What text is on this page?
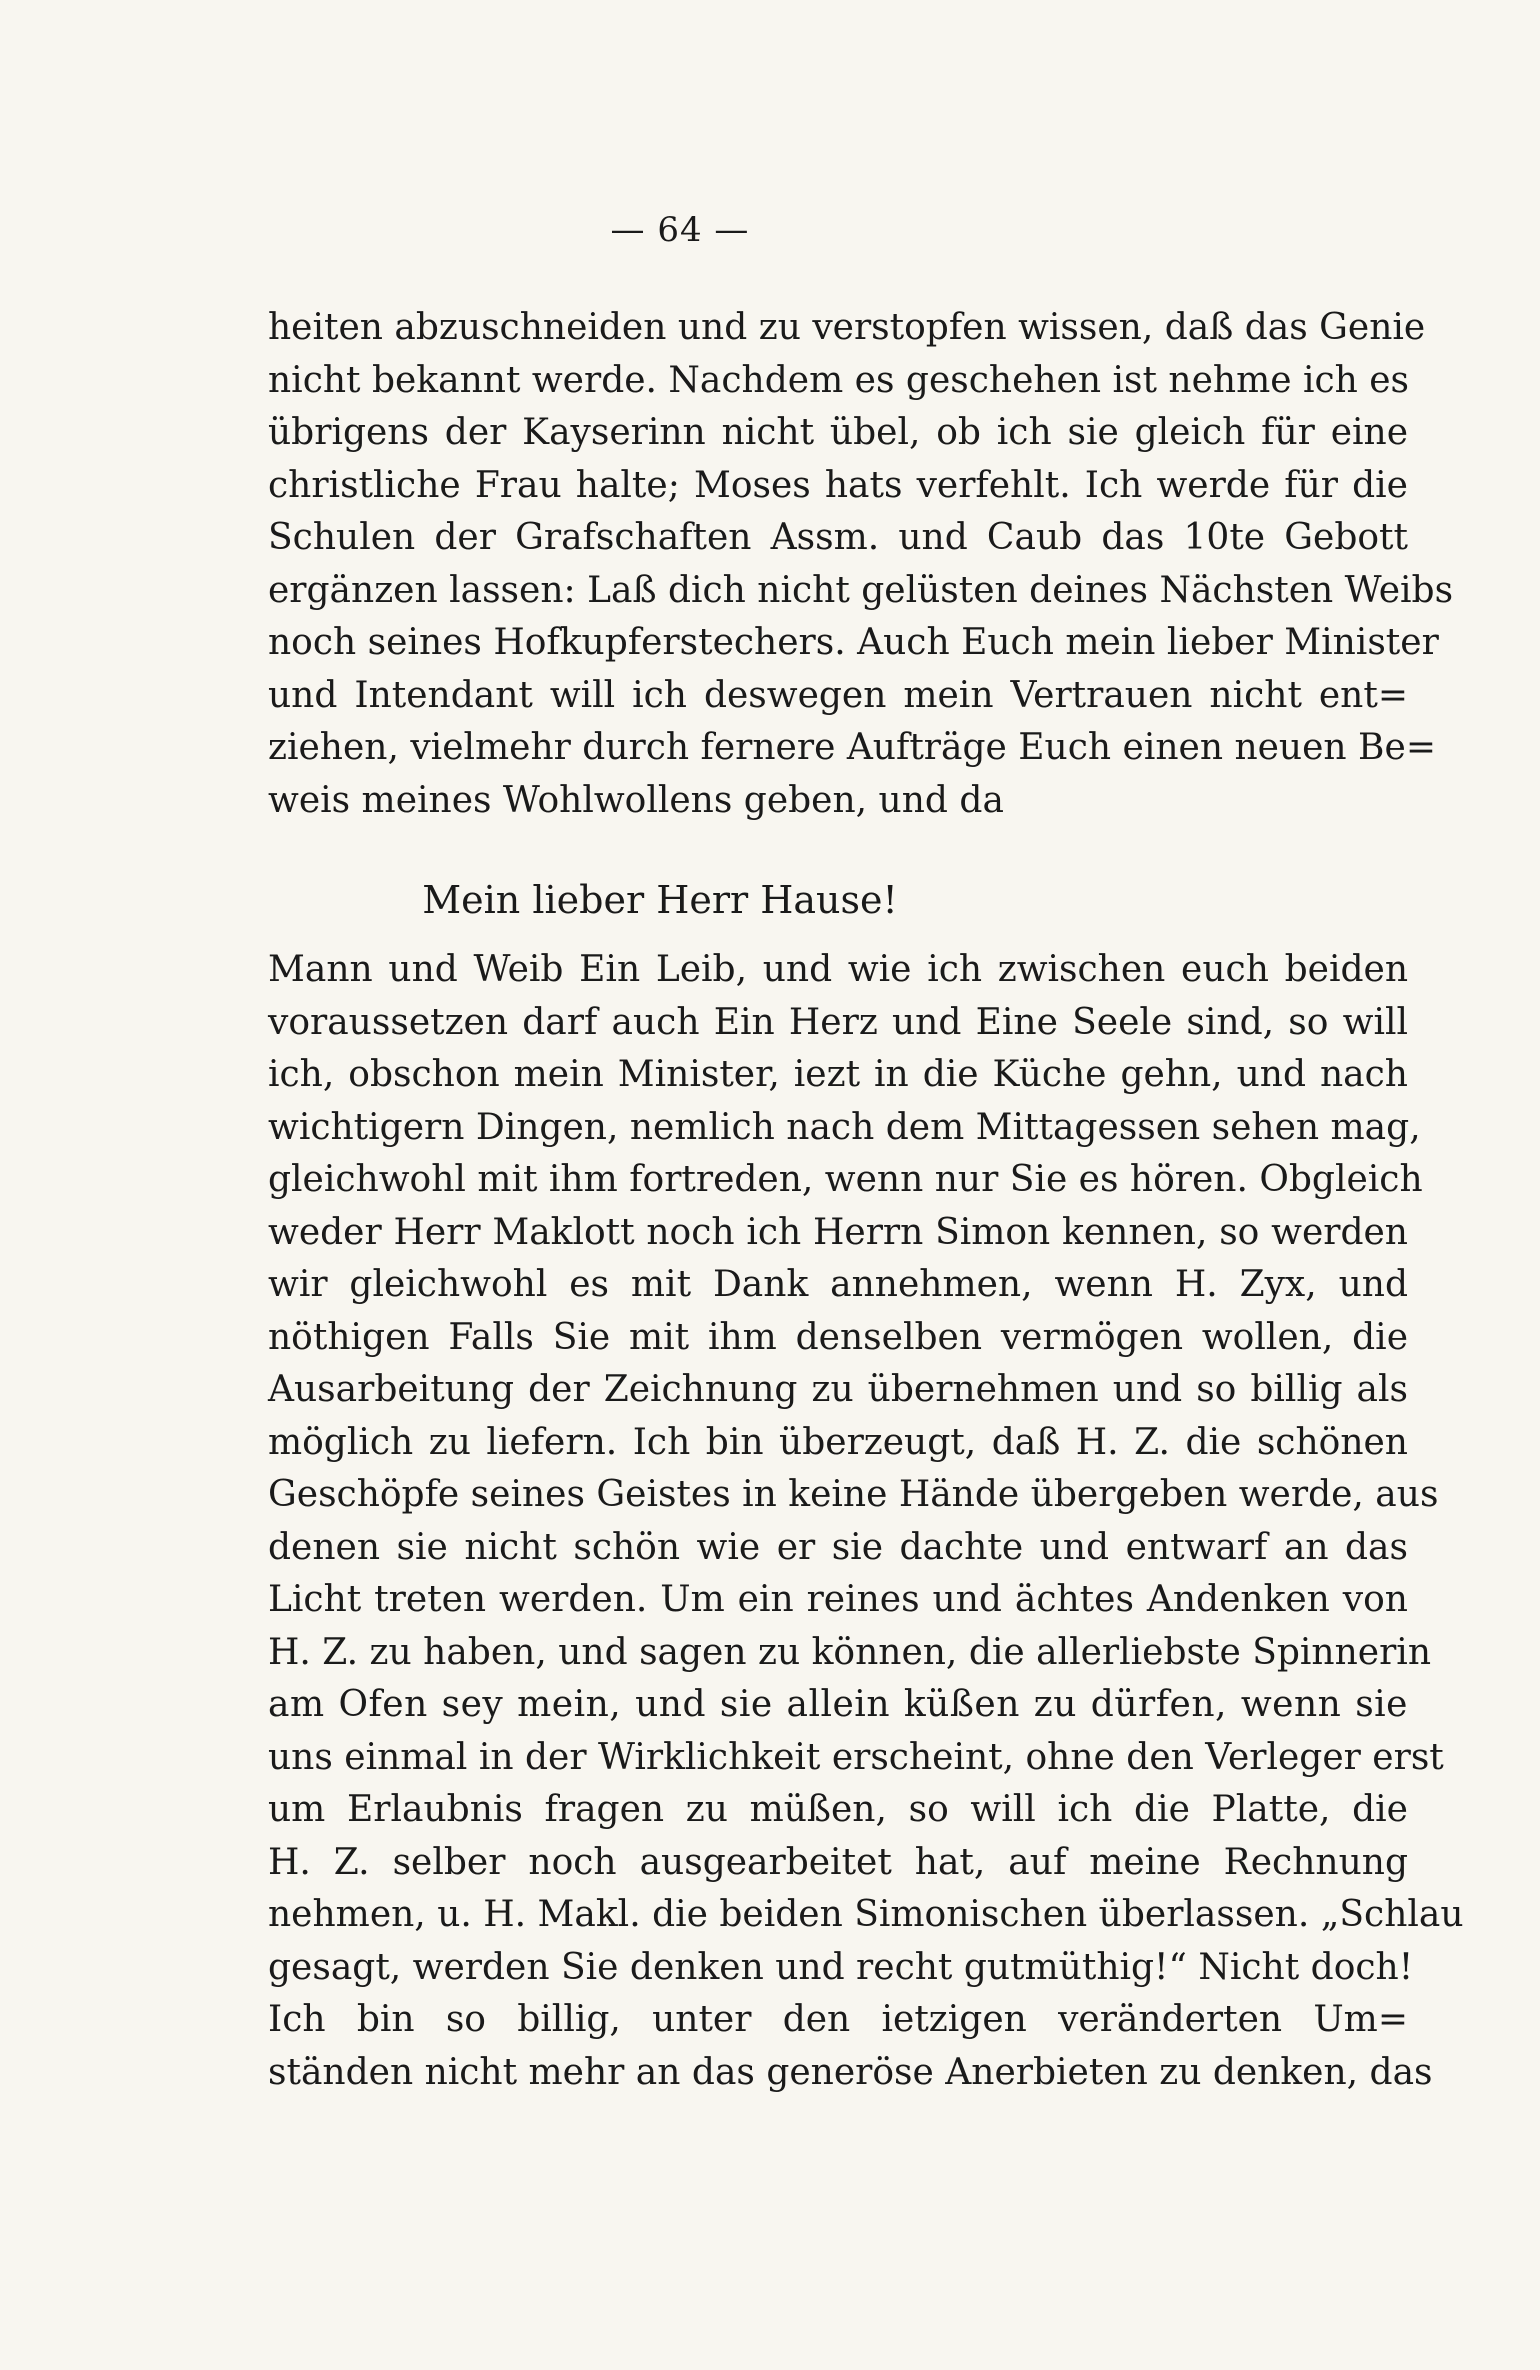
— 64 —
heiten abzuschneiden und zu verstopfen wissen, daß das Genie
nicht bekannt werde. Nachdem es geschehen ist nehme ich es
übrigens der Kayserinn nicht übel, ob ich sie gleich für eine
christliche Frau halte; Moses hats verfehlt. Ich werde für die
Schulen der Grafschaften Assm. und Caub das 10te Gebott
ergänzen lassen: Laß dich nicht gelüsten deines Nächsten Weibs
noch seines Hofkupferstechers. Auch Euch mein lieber Minister
und Intendant will ich deswegen mein Vertrauen nicht ent=
ziehen, vielmehr durch fernere Aufträge Euch einen neuen Be=
weis meines Wohlwollens geben, und da
Mein lieber Herr Hause!
Mann und Weib Ein Leib, und wie ich zwischen euch beiden
voraussetzen darf auch Ein Herz und Eine Seele sind, so will
ich, obschon mein Minister, iezt in die Küche gehn, und nach
wichtigern Dingen, nemlich nach dem Mittagessen sehen mag,
gleichwohl mit ihm fortreden, wenn nur Sie es hören. Obgleich
weder Herr Maklott noch ich Herrn Simon kennen, so werden
wir gleichwohl es mit Dank annehmen, wenn H. Zyx, und
nöthigen Falls Sie mit ihm denselben vermögen wollen, die
Ausarbeitung der Zeichnung zu übernehmen und so billig als
möglich zu liefern. Ich bin überzeugt, daß H. Z. die schönen
Geschöpfe seines Geistes in keine Hände übergeben werde, aus
denen sie nicht schön wie er sie dachte und entwarf an das
Licht treten werden. Um ein reines und ächtes Andenken von
H. Z. zu haben, und sagen zu können, die allerliebste Spinnerin
am Ofen sey mein, und sie allein küßen zu dürfen, wenn sie
uns einmal in der Wirklichkeit erscheint, ohne den Verleger erst
um Erlaubnis fragen zu müßen, so will ich die Platte, die
H. Z. selber noch ausgearbeitet hat, auf meine Rechnung
nehmen, u. H. Makl. die beiden Simonischen überlassen. „Schlau
gesagt, werden Sie denken und recht gutmüthig!“ Nicht doch!
Ich bin so billig, unter den ietzigen veränderten Um=
ständen nicht mehr an das generöse Anerbieten zu denken, das
